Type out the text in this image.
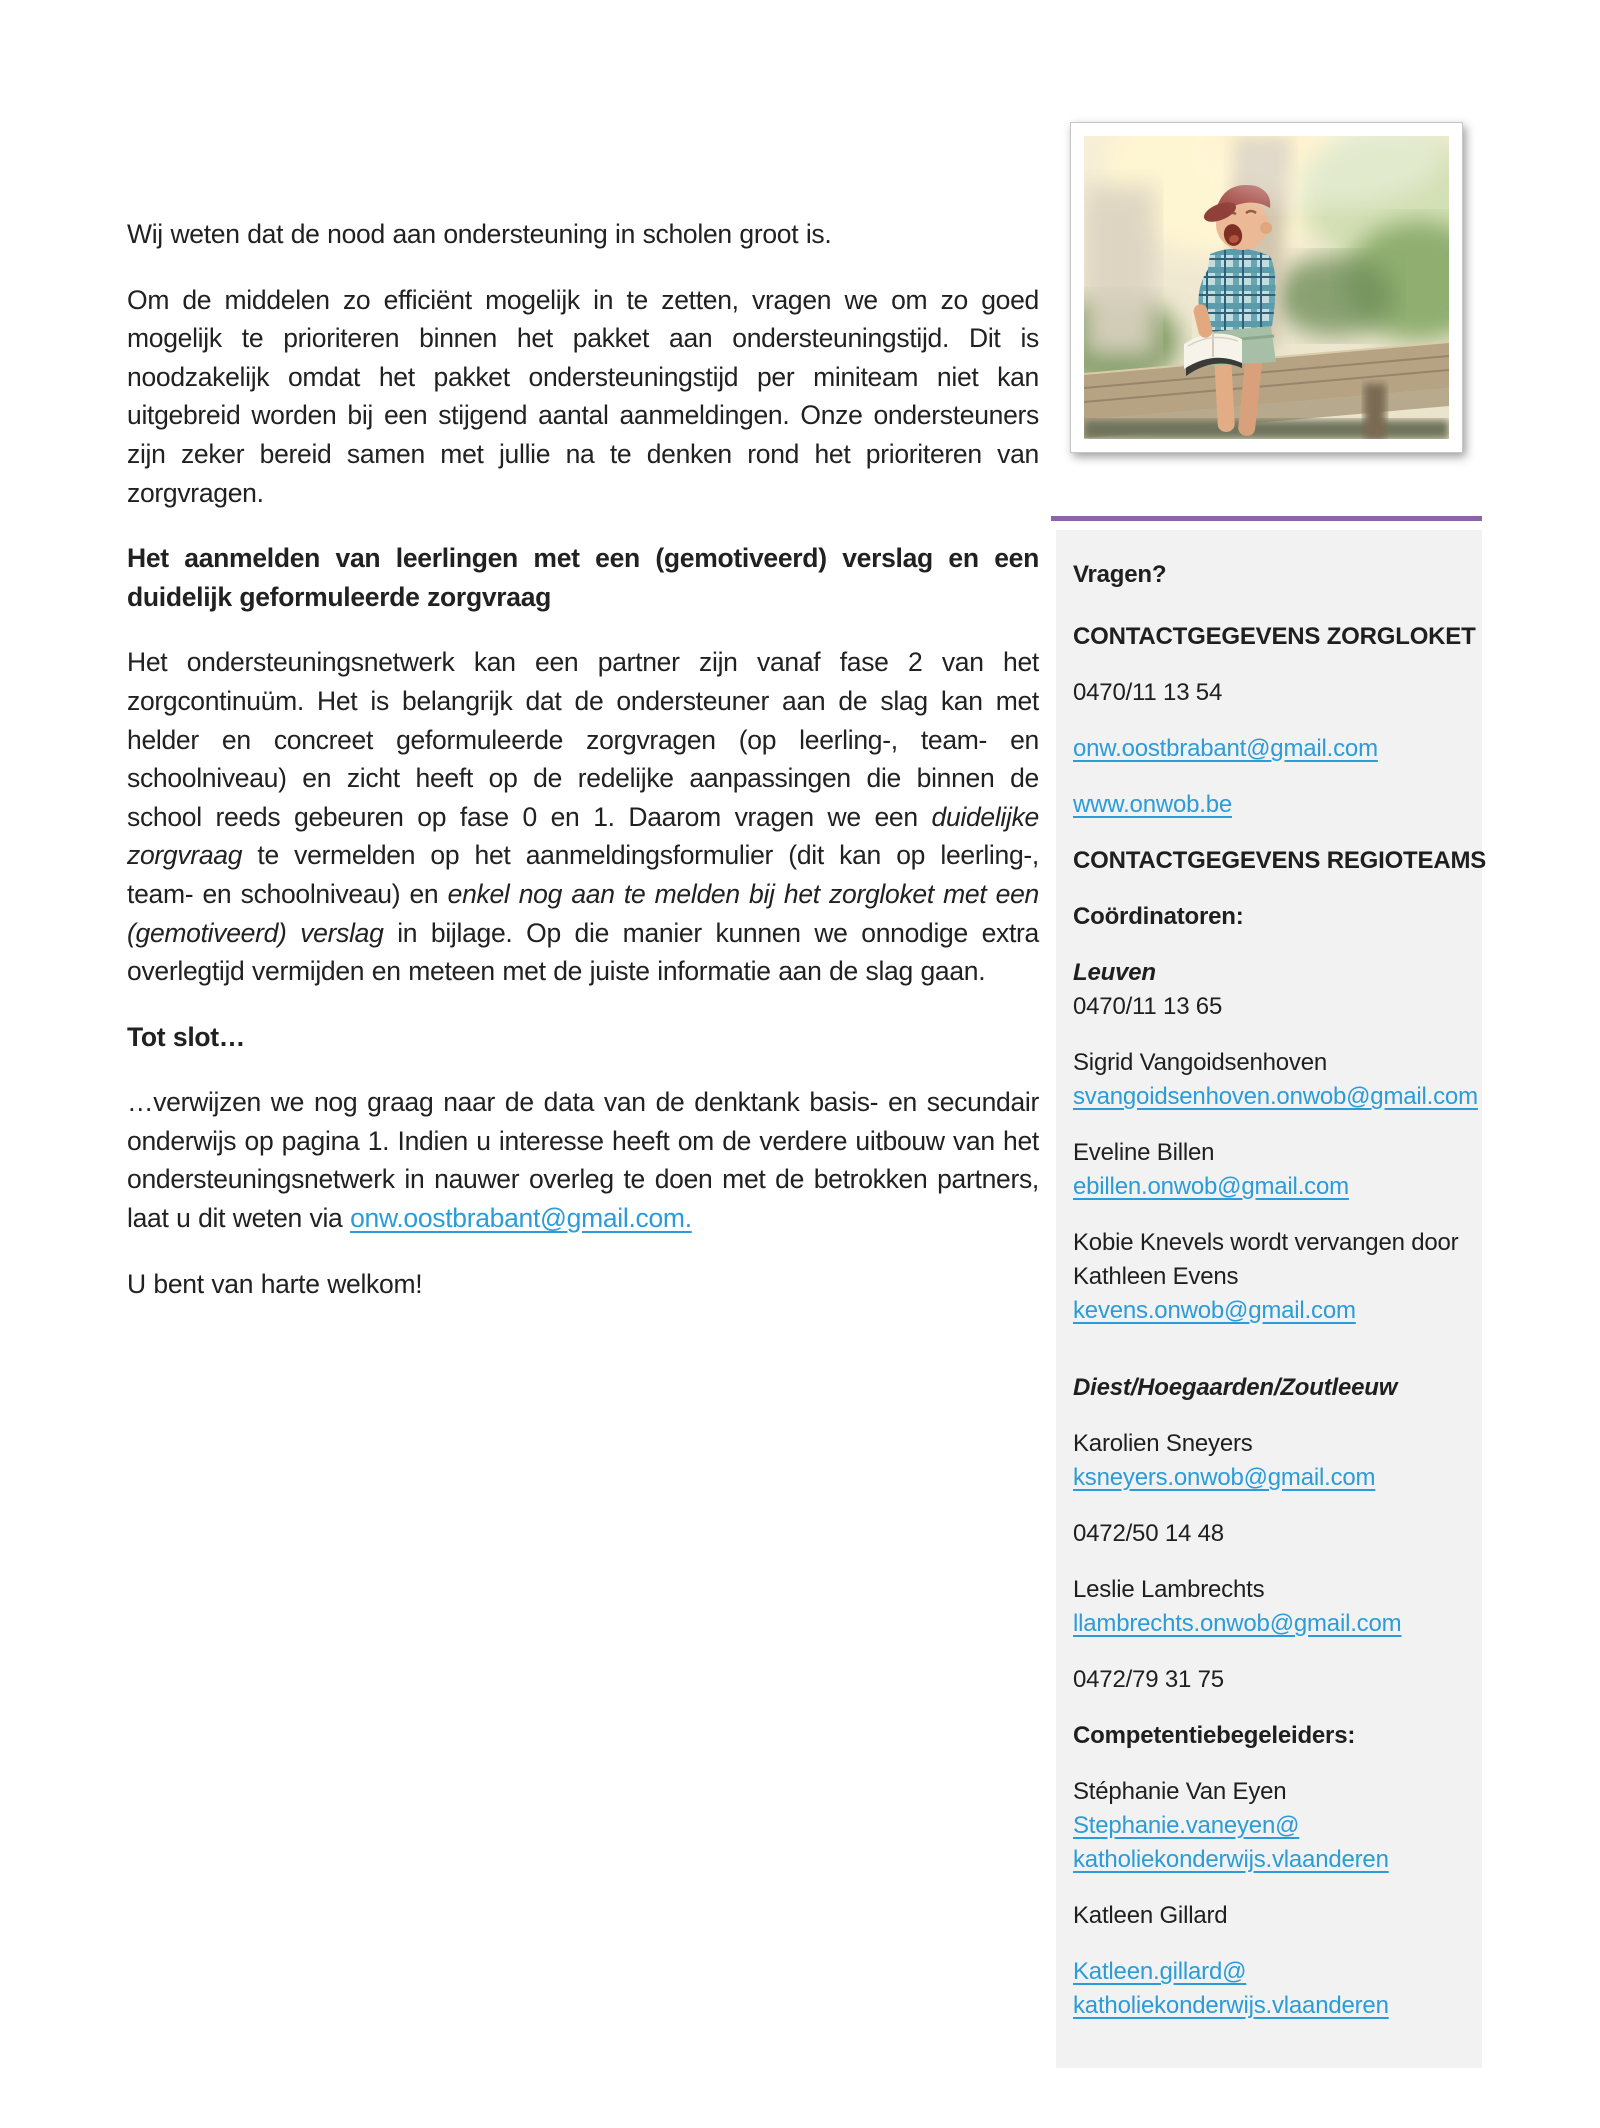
Wij weten dat de nood aan ondersteuning in scholen groot is.

Om de middelen zo efficiënt mogelijk in te zetten, vragen we om zo goed mogelijk te prioriteren binnen het pakket aan ondersteuningstijd. Dit is noodzakelijk omdat het pakket ondersteuningstijd per miniteam niet kan uitgebreid worden bij een stijgend aantal aanmeldingen. Onze ondersteuners zijn zeker bereid samen met jullie na te denken rond het prioriteren van zorgvragen.

Het aanmelden van leerlingen met een (gemotiveerd) verslag en een duidelijk geformuleerde zorgvraag

Het ondersteuningsnetwerk kan een partner zijn vanaf fase 2 van het zorgcontinuüm. Het is belangrijk dat de ondersteuner aan de slag kan met helder en concreet geformuleerde zorgvragen (op leerling-, team- en schoolniveau) en zicht heeft op de redelijke aanpassingen die binnen de school reeds gebeuren op fase 0 en 1. Daarom vragen we een duidelijke zorgvraag te vermelden op het aanmeldingsformulier (dit kan op leerling-, team- en schoolniveau) en enkel nog aan te melden bij het zorgloket met een (gemotiveerd) verslag in bijlage. Op die manier kunnen we onnodige extra overlegtijd vermijden en meteen met de juiste informatie aan de slag gaan.

Tot slot…

…verwijzen we nog graag naar de data van de denktank basis- en secundair onderwijs op pagina 1. Indien u interesse heeft om de verdere uitbouw van het ondersteuningsnetwerk in nauwer overleg te doen met de betrokken partners, laat u dit weten via onw.oostbrabant@gmail.com.

U bent van harte welkom!

Vragen?

CONTACTGEGEVENS ZORGLOKET

0470/11 13 54

onw.oostbrabant@gmail.com

www.onwob.be

CONTACTGEGEVENS REGIOTEAMS

Coördinatoren:

Leuven
0470/11 13 65

Sigrid Vangoidsenhoven
svangoidsenhoven.onwob@gmail.com

Eveline Billen
ebillen.onwob@gmail.com

Kobie Knevels wordt vervangen door Kathleen Evens
kevens.onwob@gmail.com

Diest/Hoegaarden/Zoutleeuw

Karolien Sneyers
ksneyers.onwob@gmail.com

0472/50 14 48

Leslie Lambrechts
llambrechts.onwob@gmail.com

0472/79 31 75

Competentiebegeleiders:

Stéphanie Van Eyen
Stephanie.vaneyen@
katholiekonderwijs.vlaanderen

Katleen Gillard

Katleen.gillard@
katholiekonderwijs.vlaanderen
